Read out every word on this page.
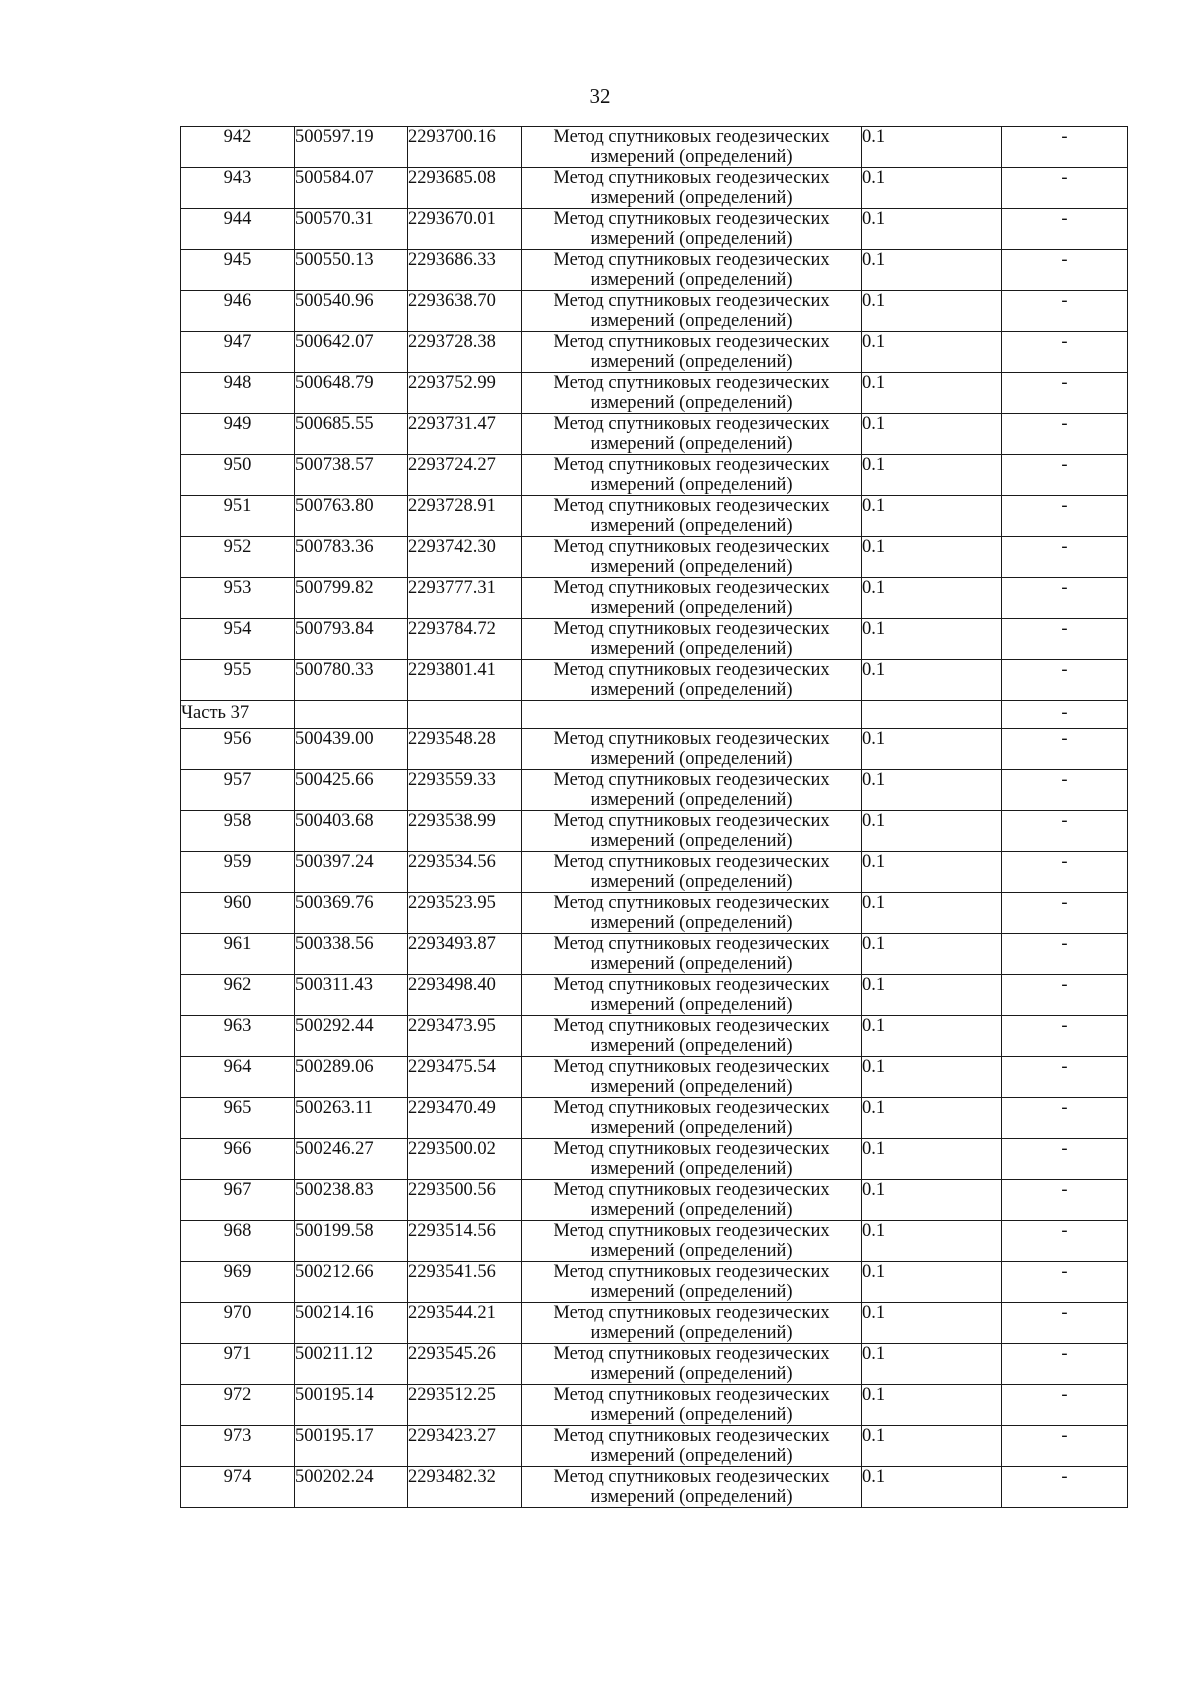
32
942	500597.19	2293700.16	Метод спутниковых геодезических
измерений (определений)	0.1	-
943	500584.07	2293685.08	Метод спутниковых геодезических
измерений (определений)	0.1	-
944	500570.31	2293670.01	Метод спутниковых геодезических
измерений (определений)	0.1	-
945	500550.13	2293686.33	Метод спутниковых геодезических
измерений (определений)	0.1	-
946	500540.96	2293638.70	Метод спутниковых геодезических
измерений (определений)	0.1	-
947	500642.07	2293728.38	Метод спутниковых геодезических
измерений (определений)	0.1	-
948	500648.79	2293752.99	Метод спутниковых геодезических
измерений (определений)	0.1	-
949	500685.55	2293731.47	Метод спутниковых геодезических
измерений (определений)	0.1	-
950	500738.57	2293724.27	Метод спутниковых геодезических
измерений (определений)	0.1	-
951	500763.80	2293728.91	Метод спутниковых геодезических
измерений (определений)	0.1	-
952	500783.36	2293742.30	Метод спутниковых геодезических
измерений (определений)	0.1	-
953	500799.82	2293777.31	Метод спутниковых геодезических
измерений (определений)	0.1	-
954	500793.84	2293784.72	Метод спутниковых геодезических
измерений (определений)	0.1	-
955	500780.33	2293801.41	Метод спутниковых геодезических
измерений (определений)	0.1	-
Часть 37					-
956	500439.00	2293548.28	Метод спутниковых геодезических
измерений (определений)	0.1	-
957	500425.66	2293559.33	Метод спутниковых геодезических
измерений (определений)	0.1	-
958	500403.68	2293538.99	Метод спутниковых геодезических
измерений (определений)	0.1	-
959	500397.24	2293534.56	Метод спутниковых геодезических
измерений (определений)	0.1	-
960	500369.76	2293523.95	Метод спутниковых геодезических
измерений (определений)	0.1	-
961	500338.56	2293493.87	Метод спутниковых геодезических
измерений (определений)	0.1	-
962	500311.43	2293498.40	Метод спутниковых геодезических
измерений (определений)	0.1	-
963	500292.44	2293473.95	Метод спутниковых геодезических
измерений (определений)	0.1	-
964	500289.06	2293475.54	Метод спутниковых геодезических
измерений (определений)	0.1	-
965	500263.11	2293470.49	Метод спутниковых геодезических
измерений (определений)	0.1	-
966	500246.27	2293500.02	Метод спутниковых геодезических
измерений (определений)	0.1	-
967	500238.83	2293500.56	Метод спутниковых геодезических
измерений (определений)	0.1	-
968	500199.58	2293514.56	Метод спутниковых геодезических
измерений (определений)	0.1	-
969	500212.66	2293541.56	Метод спутниковых геодезических
измерений (определений)	0.1	-
970	500214.16	2293544.21	Метод спутниковых геодезических
измерений (определений)	0.1	-
971	500211.12	2293545.26	Метод спутниковых геодезических
измерений (определений)	0.1	-
972	500195.14	2293512.25	Метод спутниковых геодезических
измерений (определений)	0.1	-
973	500195.17	2293423.27	Метод спутниковых геодезических
измерений (определений)	0.1	-
974	500202.24	2293482.32	Метод спутниковых геодезических
измерений (определений)	0.1	-
